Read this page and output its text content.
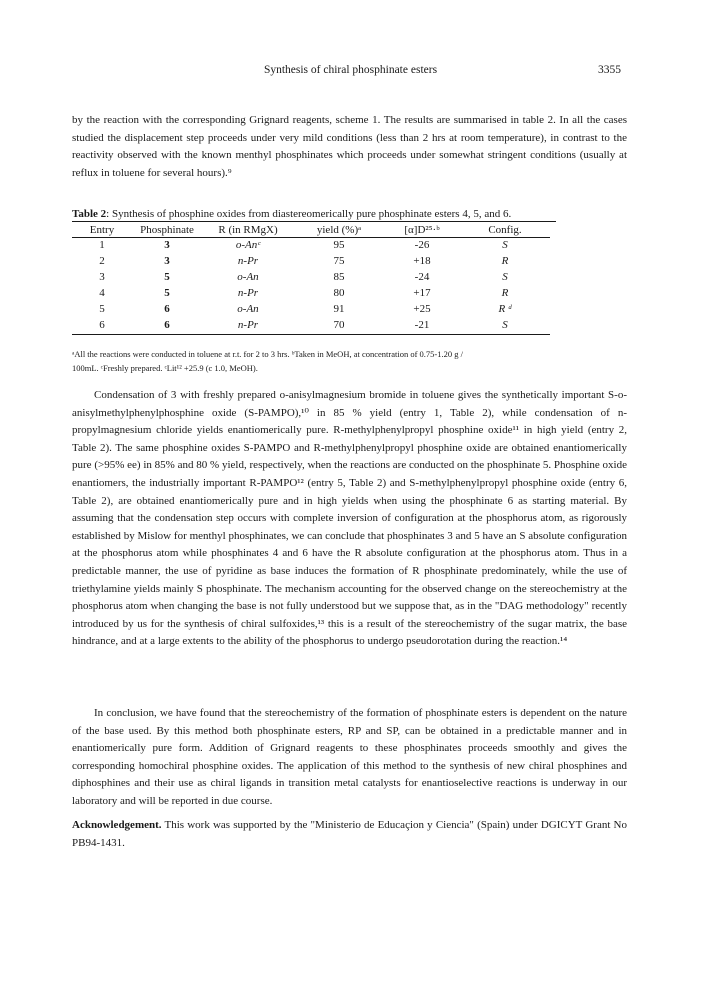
Synthesis of chiral phosphinate esters	3355

by the reaction with the corresponding Grignard reagents, scheme 1. The results are summarised in table 2. In all the cases studied the displacement step proceeds under very mild conditions (less than 2 hrs at room temperature), in contrast to the reactivity observed with the known menthyl phosphinates which proceeds under somewhat stringent conditions (usually at reflux in toluene for several hours).⁹

Table 2: Synthesis of phosphine oxides from diastereomerically pure phosphinate esters 4, 5, and 6.
Entry	Phosphinate	R (in RMgX)	yield (%)ᵃ	[α]D²⁵·ᵇ	Config.
1	3	o-Anᶜ	95	-26	S
2	3	n-Pr	75	+18	R
3	5	o-An	85	-24	S
4	5	n-Pr	80	+17	R
5	6	o-An	91	+25	R ᵈ
6	6	n-Pr	70	-21	S
ᵃAll the reactions were conducted in toluene at r.t. for 2 to 3 hrs. ᵇTaken in MeOH, at concentration of 0.75-1.20 g /
100mL. ᶜFreshly prepared. ᶜLit¹² +25.9 (c 1.0, MeOH).

Condensation of 3 with freshly prepared o-anisylmagnesium bromide in toluene gives the synthetically important S-o-anisylmethylphenylphosphine oxide (S-PAMPO),¹⁰ in 85 % yield (entry 1, Table 2), while condensation of n-propylmagnesium chloride yields enantiomerically pure. R-methylphenylpropyl phosphine oxide¹¹ in high yield (entry 2, Table 2). The same phosphine oxides S-PAMPO and R-methylphenylpropyl phosphine oxide are obtained enantiomerically pure (>95% ee) in 85% and 80 % yield, respectively, when the reactions are conducted on the phosphinate 5. Phosphine oxide enantiomers, the industrially important R-PAMPO¹² (entry 5, Table 2) and S-methylphenylpropyl phosphine oxide (entry 6, Table 2), are obtained enantiomerically pure and in high yields when using the phosphinate 6 as starting material. By assuming that the condensation step occurs with complete inversion of configuration at the phosphorus atom, as rigorously established by Mislow for menthyl phosphinates, we can conclude that phosphinates 3 and 5 have an S absolute configuration at the phosphorus atom while phosphinates 4 and 6 have the R absolute configuration at the phosphorus atom. Thus in a predictable manner, the use of pyridine as base induces the formation of R phosphinate predominately, while the use of triethylamine yields mainly S phosphinate. The mechanism accounting for the observed change on the stereochemistry at the phosphorus atom when changing the base is not fully understood but we suppose that, as in the "DAG methodology" recently introduced by us for the synthesis of chiral sulfoxides,¹³ this is a result of the stereochemistry of the sugar matrix, the base hindrance, and at a large extents to the ability of the phosphorus to undergo pseudorotation during the reaction.¹⁴

In conclusion, we have found that the stereochemistry of the formation of phosphinate esters is dependent on the nature of the base used. By this method both phosphinate esters, RP and SP, can be obtained in a predictable manner and in enantiomerically pure form. Addition of Grignard reagents to these phosphinates proceeds smoothly and gives the corresponding homochiral phosphine oxides. The application of this method to the synthesis of new chiral phosphines and diphosphines and their use as chiral ligands in transition metal catalysts for enantioselective reactions is underway in our laboratory and will be reported in due course.

Acknowledgement. This work was supported by the "Ministerio de Educaçion y Ciencia" (Spain) under DGICYT Grant No PB94-1431.
